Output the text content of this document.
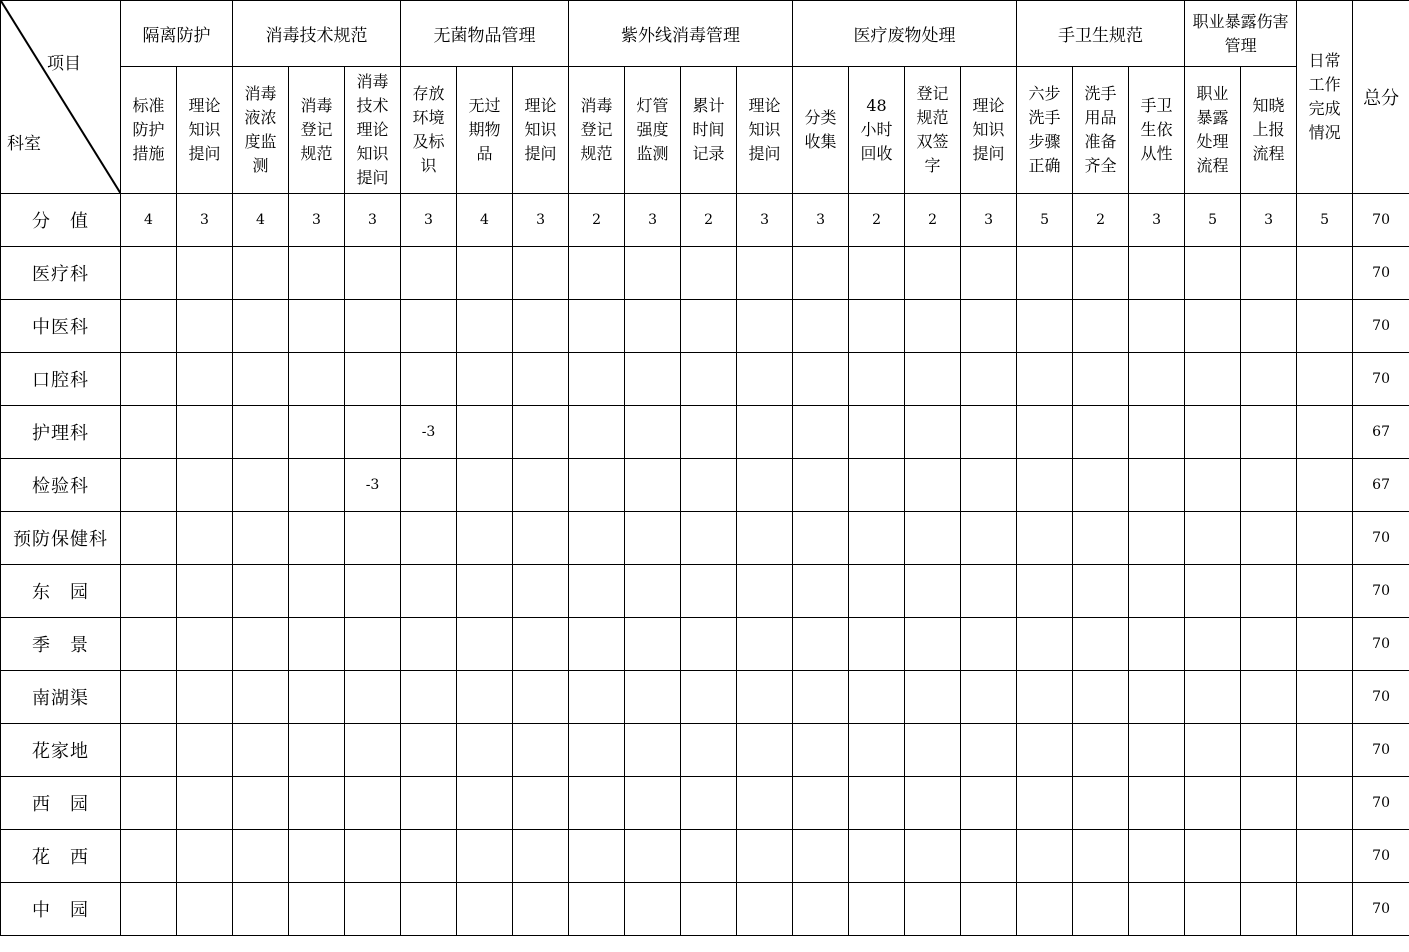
项目
科室	隔离防护		消毒技术规范			无菌物品管理			紫外线消毒管理				医疗废物处理				手卫生规范			职业暴露伤害管理		日常工作完成情况	总分
	标准防护措施	理论知识提问	消毒液浓度监测	消毒登记规范	消毒技术理论知识提问	存放环境及标识	无过期物品	理论知识提问	消毒登记规范	灯管强度监测	累计时间记录	理论知识提问	分类收集	48小时回收	登记规范双签字	理论知识提问	六步洗手步骤正确	洗手用品准备齐全	手卫生依从性	职业暴露处理流程	知晓上报流程		
分　值	4	3	4	3	3	3	4	3	2	3	2	3	3	2	2	3	5	2	3	5	3	5	70
医疗科																							70
中医科																							70
口腔科																							70
护理科						-3																	67
检验科					-3																		67
预防保健科																							70
东　园																							70
季　景																							70
南湖渠																							70
花家地																							70
西　园																							70
花　西																							70
中　园																							70
